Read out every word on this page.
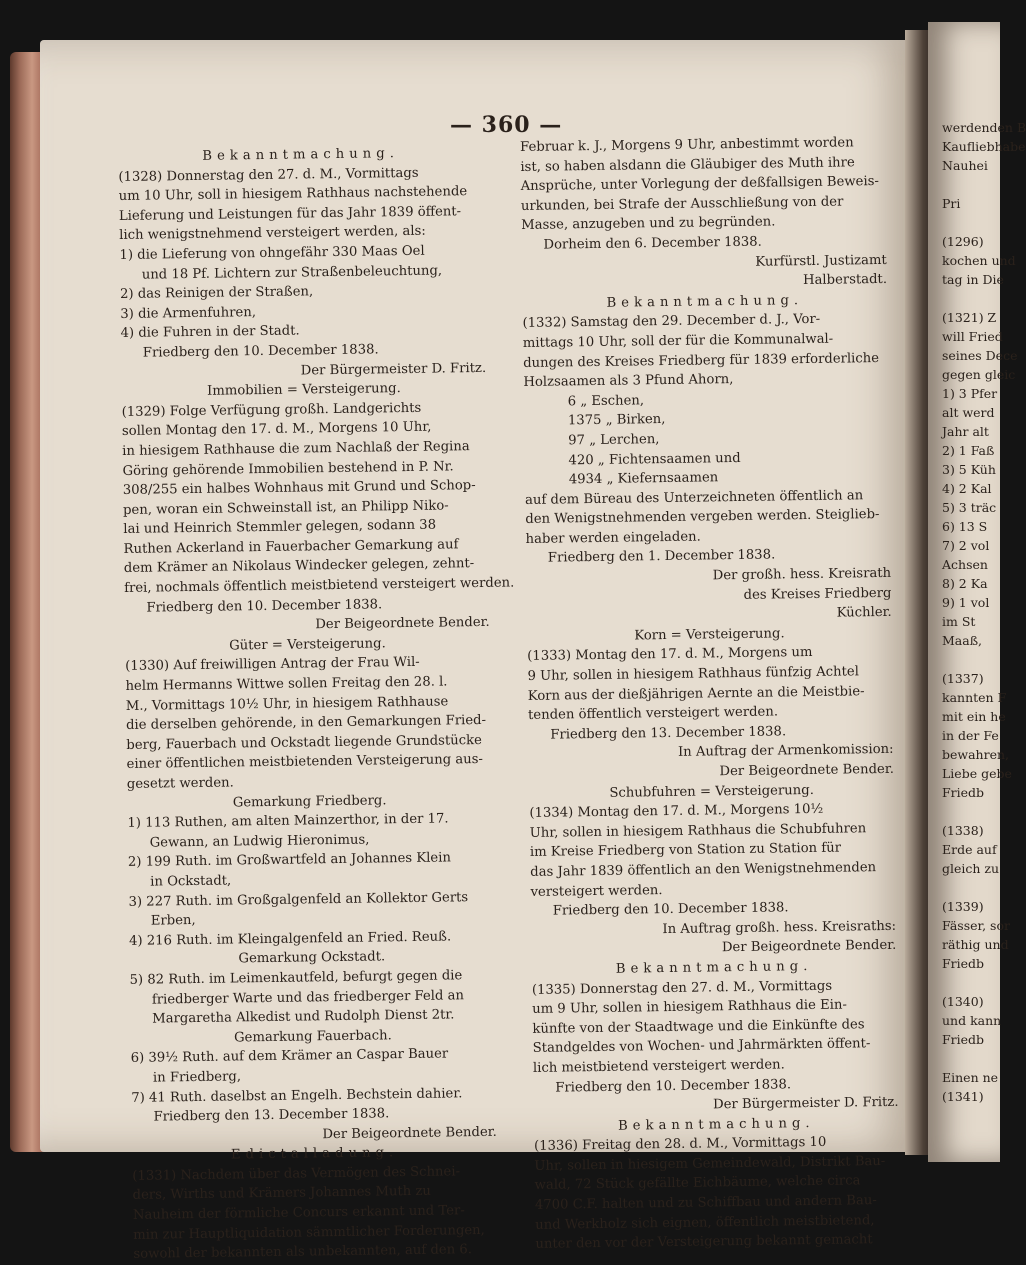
werdenden B
Kaufliebhabe
Nauhei
Pri
(1296)
kochen und
tag in Die
(1321) Z
will Fried
seines Dece
gegen gleic
1) 3 Pfer
alt werd
Jahr alt
2) 1 Faß
3) 5 Küh
4) 2 Kal
5) 3 träc
6) 13 S
7) 2 vol
Achsen
8) 2 Ka
9) 1 vol
im St
Maaß,
(1337)
kannten F
mit ein he
in der Fe
bewahren,
Liebe gebe
Friedb
(1338)
Erde auf
gleich zu
(1339)
Fässer, sor
räthig und
Friedb
(1340)
und kann
Friedb
Einen ne
(1341)
— 360 —
Bekanntmachung.
(1328) Donnerstag den 27. d. M., Vormittags
um 10 Uhr, soll in hiesigem Rathhaus nachstehende
Lieferung und Leistungen für das Jahr 1839 öffent-
lich wenigstnehmend versteigert werden, als:
1) die Lieferung von ohngefähr 330 Maas Oel
und 18 Pf. Lichtern zur Straßenbeleuchtung,
2) das Reinigen der Straßen,
3) die Armenfuhren,
4) die Fuhren in der Stadt.
Friedberg den 10. December 1838.
Der Bürgermeister D. Fritz.
Immobilien = Versteigerung.
(1329) Folge Verfügung großh. Landgerichts
sollen Montag den 17. d. M., Morgens 10 Uhr,
in hiesigem Rathhause die zum Nachlaß der Regina
Göring gehörende Immobilien bestehend in P. Nr.
308/255 ein halbes Wohnhaus mit Grund und Schop-
pen, woran ein Schweinstall ist, an Philipp Niko-
lai und Heinrich Stemmler gelegen, sodann 38
Ruthen Ackerland in Fauerbacher Gemarkung auf
dem Krämer an Nikolaus Windecker gelegen, zehnt-
frei, nochmals öffentlich meistbietend versteigert werden.
Friedberg den 10. December 1838.
Der Beigeordnete Bender.
Güter = Versteigerung.
(1330) Auf freiwilligen Antrag der Frau Wil-
helm Hermanns Wittwe sollen Freitag den 28. l.
M., Vormittags 10½ Uhr, in hiesigem Rathhause
die derselben gehörende, in den Gemarkungen Fried-
berg, Fauerbach und Ockstadt liegende Grundstücke
einer öffentlichen meistbietenden Versteigerung aus-
gesetzt werden.
Gemarkung Friedberg.
1) 113 Ruthen, am alten Mainzerthor, in der 17.
Gewann, an Ludwig Hieronimus,
2) 199 Ruth. im Großwartfeld an Johannes Klein
in Ockstadt,
3) 227 Ruth. im Großgalgenfeld an Kollektor Gerts
Erben,
4) 216 Ruth. im Kleingalgenfeld an Fried. Reuß.
Gemarkung Ockstadt.
5) 82 Ruth. im Leimenkautfeld, befurgt gegen die
friedberger Warte und das friedberger Feld an
Margaretha Alkedist und Rudolph Dienst 2tr.
Gemarkung Fauerbach.
6) 39½ Ruth. auf dem Krämer an Caspar Bauer
in Friedberg,
7) 41 Ruth. daselbst an Engelh. Bechstein dahier.
Friedberg den 13. December 1838.
Der Beigeordnete Bender.
Edictalladung.
(1331) Nachdem über das Vermögen des Schnei-
ders, Wirths und Krämers Johannes Muth zu
Nauheim der förmliche Concurs erkannt und Ter-
min zur Hauptliquidation sämmtlicher Forderungen,
sowohl der bekannten als unbekannten, auf den 6.
Februar k. J., Morgens 9 Uhr, anbestimmt worden
ist, so haben alsdann die Gläubiger des Muth ihre
Ansprüche, unter Vorlegung der deßfallsigen Beweis-
urkunden, bei Strafe der Ausschließung von der
Masse, anzugeben und zu begründen.
Dorheim den 6. December 1838.
Kurfürstl. Justizamt
Halberstadt.
Bekanntmachung.
(1332) Samstag den 29. December d. J., Vor-
mittags 10 Uhr, soll der für die Kommunalwal-
dungen des Kreises Friedberg für 1839 erforderliche
Holzsaamen als 3 Pfund Ahorn,
6 „ Eschen,
1375 „ Birken,
97 „ Lerchen,
420 „ Fichtensaamen und
4934 „ Kiefernsaamen
auf dem Büreau des Unterzeichneten öffentlich an
den Wenigstnehmenden vergeben werden. Steiglieb-
haber werden eingeladen.
Friedberg den 1. December 1838.
Der großh. hess. Kreisrath
des Kreises Friedberg
Küchler.
Korn = Versteigerung.
(1333) Montag den 17. d. M., Morgens um
9 Uhr, sollen in hiesigem Rathhaus fünfzig Achtel
Korn aus der dießjährigen Aernte an die Meistbie-
tenden öffentlich versteigert werden.
Friedberg den 13. December 1838.
In Auftrag der Armenkomission:
Der Beigeordnete Bender.
Schubfuhren = Versteigerung.
(1334) Montag den 17. d. M., Morgens 10½
Uhr, sollen in hiesigem Rathhaus die Schubfuhren
im Kreise Friedberg von Station zu Station für
das Jahr 1839 öffentlich an den Wenigstnehmenden
versteigert werden.
Friedberg den 10. December 1838.
In Auftrag großh. hess. Kreisraths:
Der Beigeordnete Bender.
Bekanntmachung.
(1335) Donnerstag den 27. d. M., Vormittags
um 9 Uhr, sollen in hiesigem Rathhaus die Ein-
künfte von der Staadtwage und die Einkünfte des
Standgeldes von Wochen- und Jahrmärkten öffent-
lich meistbietend versteigert werden.
Friedberg den 10. December 1838.
Der Bürgermeister D. Fritz.
Bekanntmachung.
(1336) Freitag den 28. d. M., Vormittags 10
Uhr, sollen in hiesigem Gemeindewald, Distrikt Bau-
wald, 72 Stück gefällte Eichbäume, welche circa
4700 C.F. halten und zu Schiffbau und andern Bau-
und Werkholz sich eignen, öffentlich meistbietend,
unter den vor der Versteigerung bekannt gemacht
